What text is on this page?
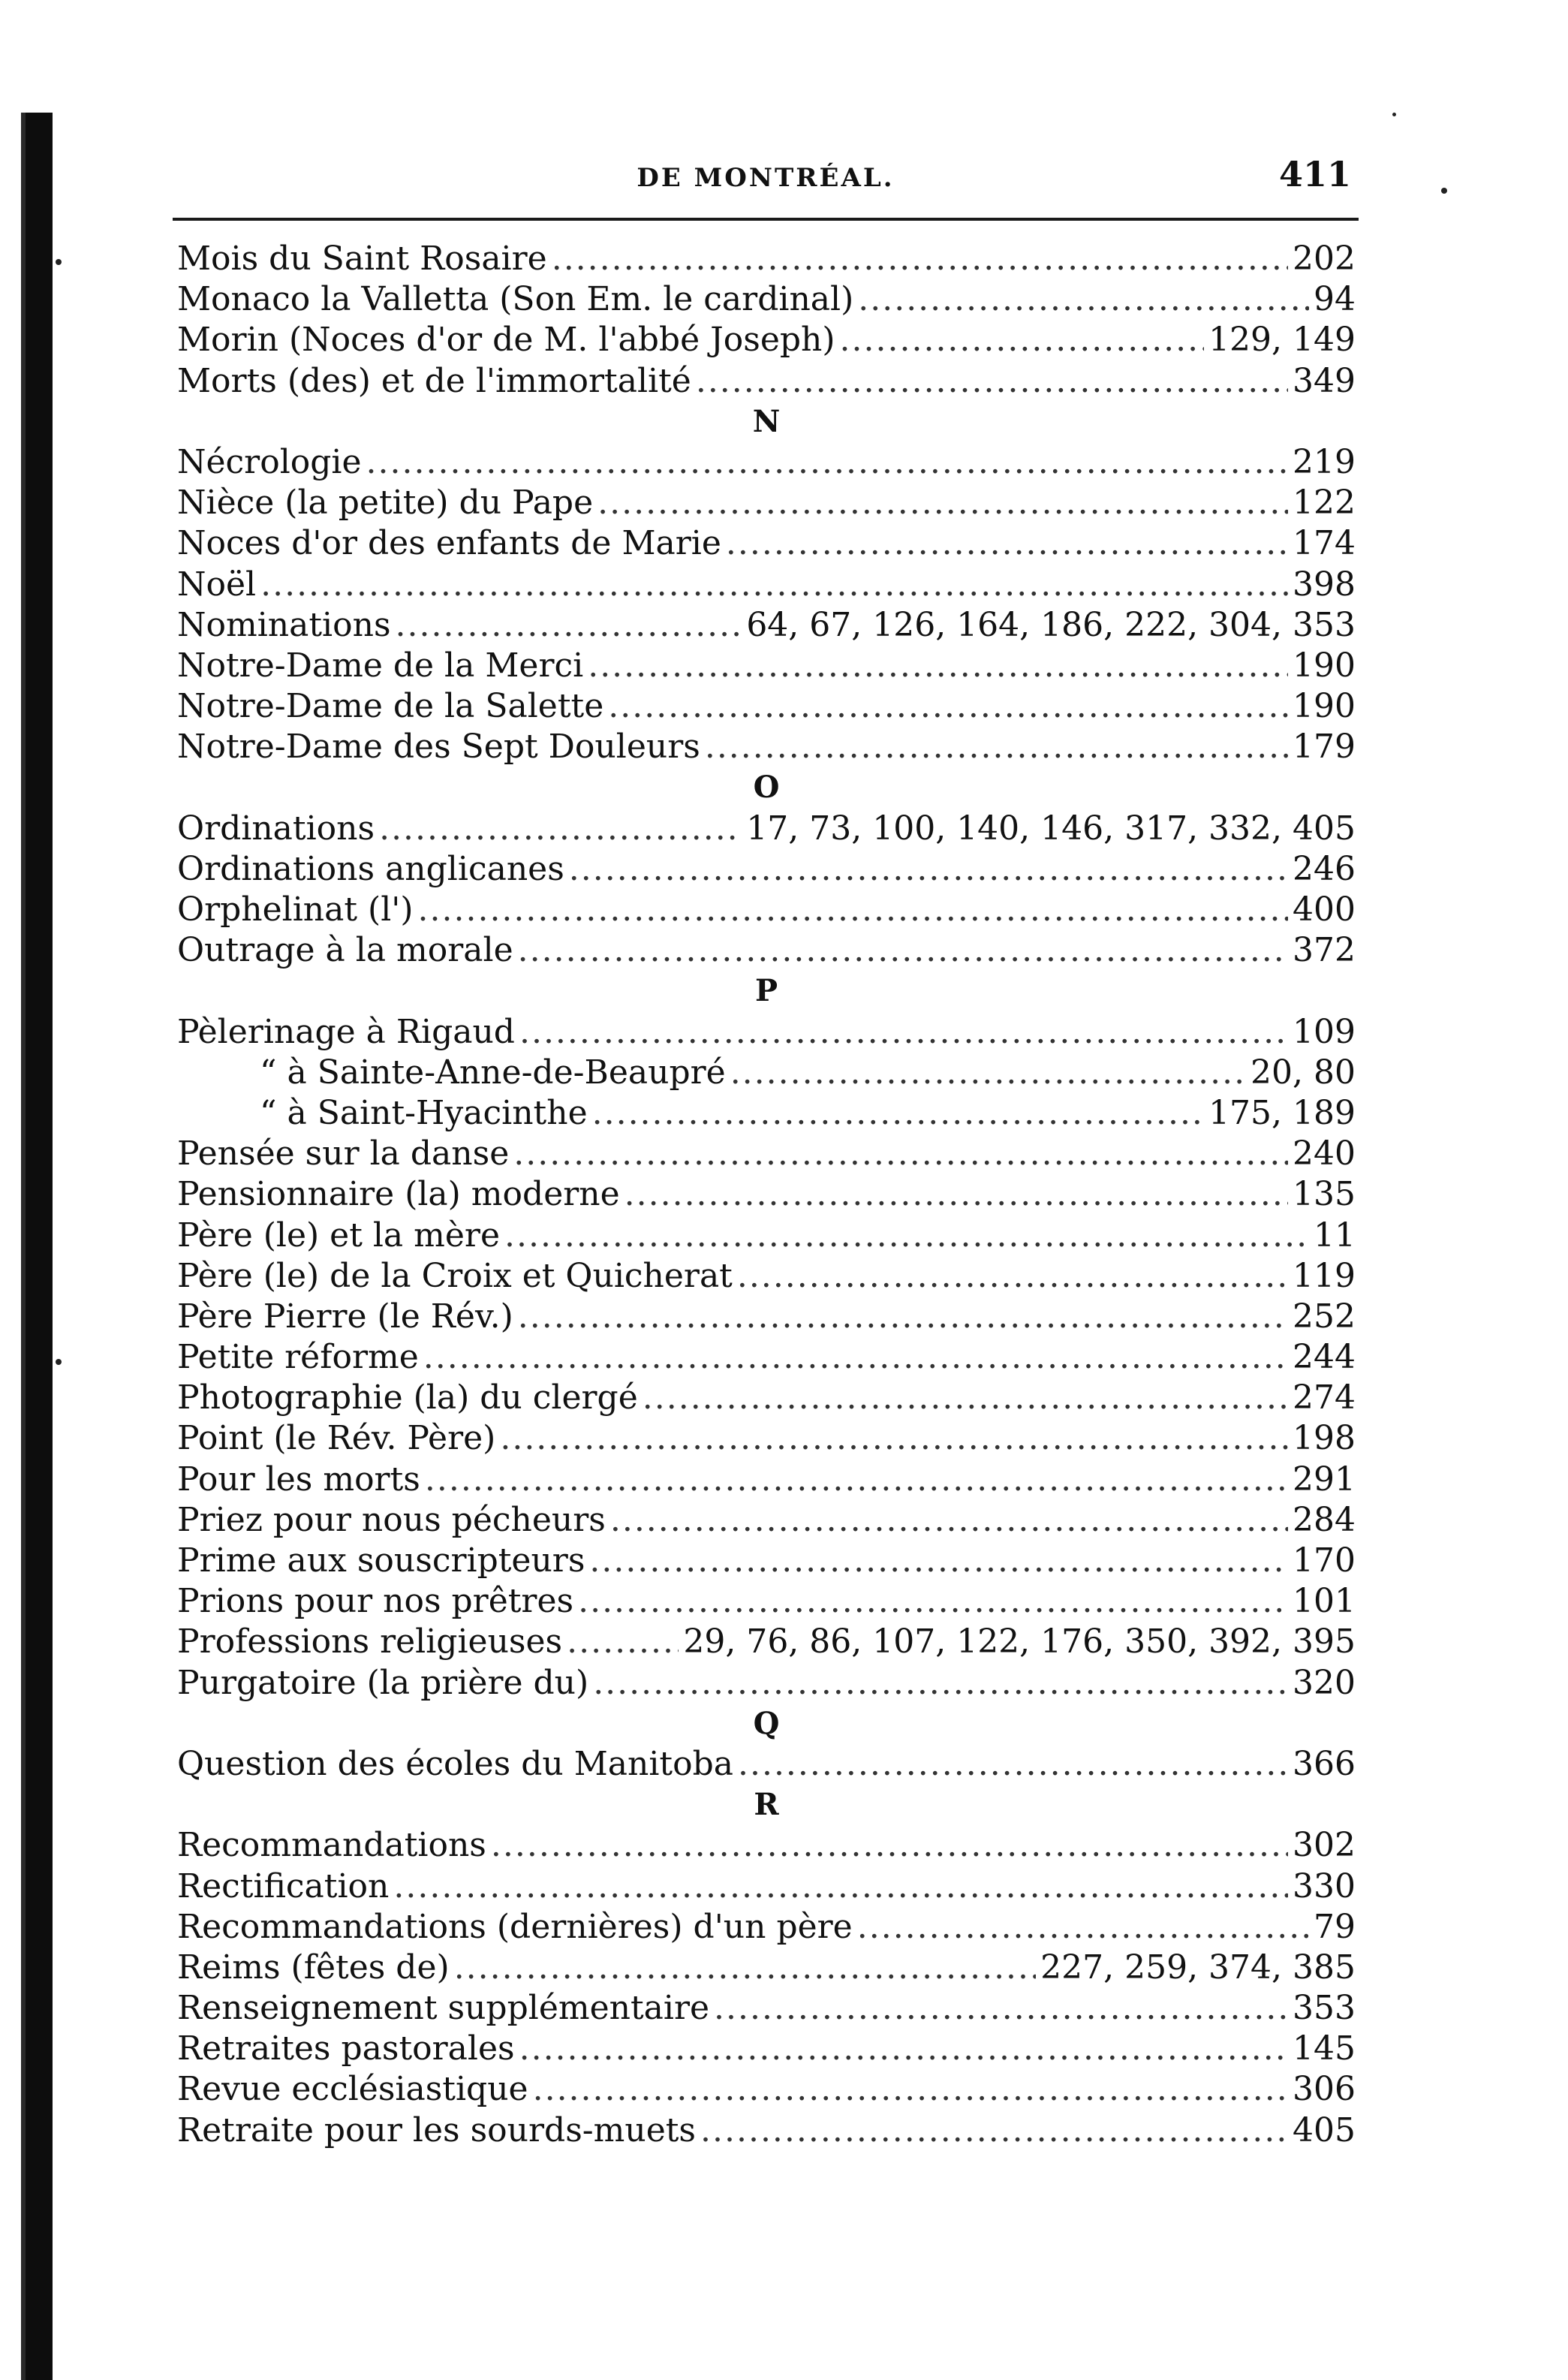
DE MONTRÉAL.	411
Mois du Saint Rosaire .....	202
Monaco la Valletta (Son Em. le cardinal) .....	94
Morin (Noces d'or de M. l'abbé Joseph) .....	129, 149
Morts (des) et de l'immortalité .....	349
N
Nécrologie .....	219
Nièce (la petite) du Pape .....	122
Noces d'or des enfants de Marie .....	174
Noël .....	398
Nominations .....	64, 67, 126, 164, 186, 222, 304, 353
Notre-Dame de la Merci .....	190
Notre-Dame de la Salette .....	190
Notre-Dame des Sept Douleurs .....	179
O
Ordinations .....	17, 73, 100, 140, 146, 317, 332, 405
Ordinations anglicanes .....	246
Orphelinat (l') .....	400
Outrage à la morale .....	372
P
Pèlerinage à Rigaud .....	109
“ à Sainte-Anne-de-Beaupré .....	20, 80
“ à Saint-Hyacinthe .....	175, 189
Pensée sur la danse .....	240
Pensionnaire (la) moderne .....	135
Père (le) et la mère .....	11
Père (le) de la Croix et Quicherat .....	119
Père Pierre (le Rév.) .....	252
Petite réforme .....	244
Photographie (la) du clergé .....	274
Point (le Rév. Père) .....	198
Pour les morts .....	291
Priez pour nous pécheurs .....	284
Prime aux souscripteurs .....	170
Prions pour nos prêtres .....	101
Professions religieuses .....	29, 76, 86, 107, 122, 176, 350, 392, 395
Purgatoire (la prière du) .....	320
Q
Question des écoles du Manitoba .....	366
R
Recommandations .....	302
Rectification .....	330
Recommandations (dernières) d'un père .....	79
Reims (fêtes de) .....	227, 259, 374, 385
Renseignement supplémentaire .....	353
Retraites pastorales .....	145
Revue ecclésiastique .....	306
Retraite pour les sourds-muets .....	405
